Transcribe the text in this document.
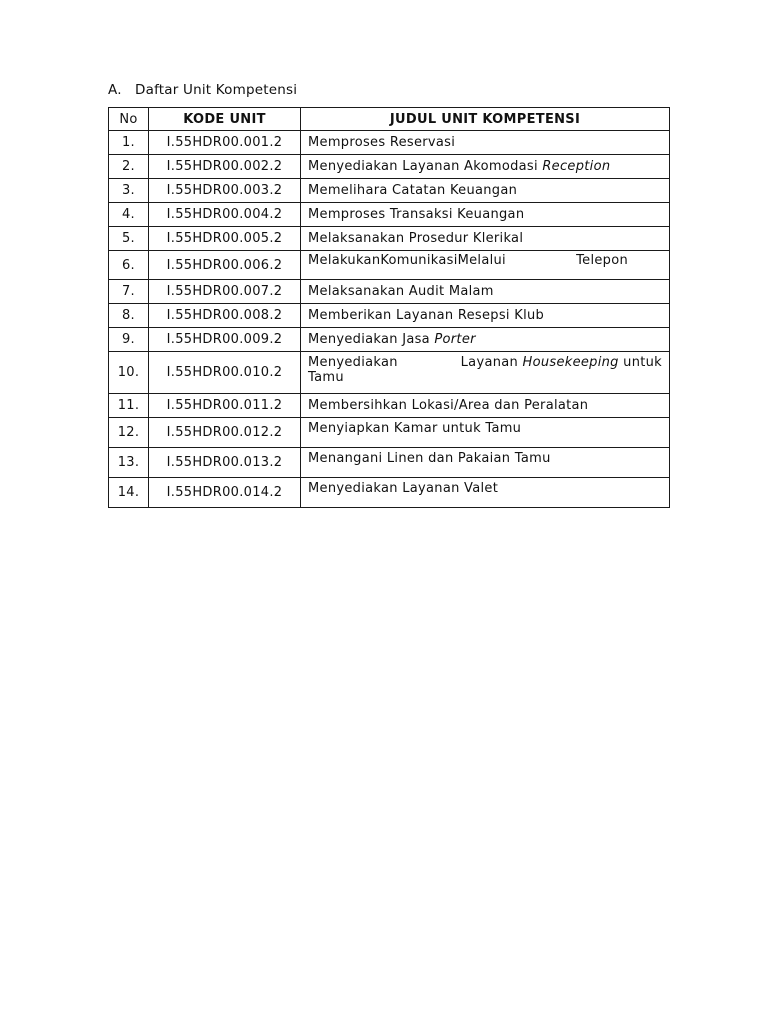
A. Daftar Unit Kompetensi
No	KODE UNIT	JUDUL UNIT KOMPETENSI
1.	I.55HDR00.001.2	Memproses Reservasi
2.	I.55HDR00.002.2	Menyediakan Layanan Akomodasi Reception
3.	I.55HDR00.003.2	Memelihara Catatan Keuangan
4.	I.55HDR00.004.2	Memproses Transaksi Keuangan
5.	I.55HDR00.005.2	Melaksanakan Prosedur Klerikal
6.	I.55HDR00.006.2	MelakukanKomunikasiMelalui Telepon

7.	I.55HDR00.007.2	Melaksanakan Audit Malam
8.	I.55HDR00.008.2	Memberikan Layanan Resepsi Klub
9.	I.55HDR00.009.2	Menyediakan Jasa Porter
10.	I.55HDR00.010.2	Menyediakan Layanan Housekeeping untuk
Tamu

11.	I.55HDR00.011.2	Membersihkan Lokasi/Area dan Peralatan
12.	I.55HDR00.012.2	Menyiapkan Kamar untuk Tamu
13.	I.55HDR00.013.2	Menangani Linen dan Pakaian Tamu
14.	I.55HDR00.014.2	Menyediakan Layanan Valet
